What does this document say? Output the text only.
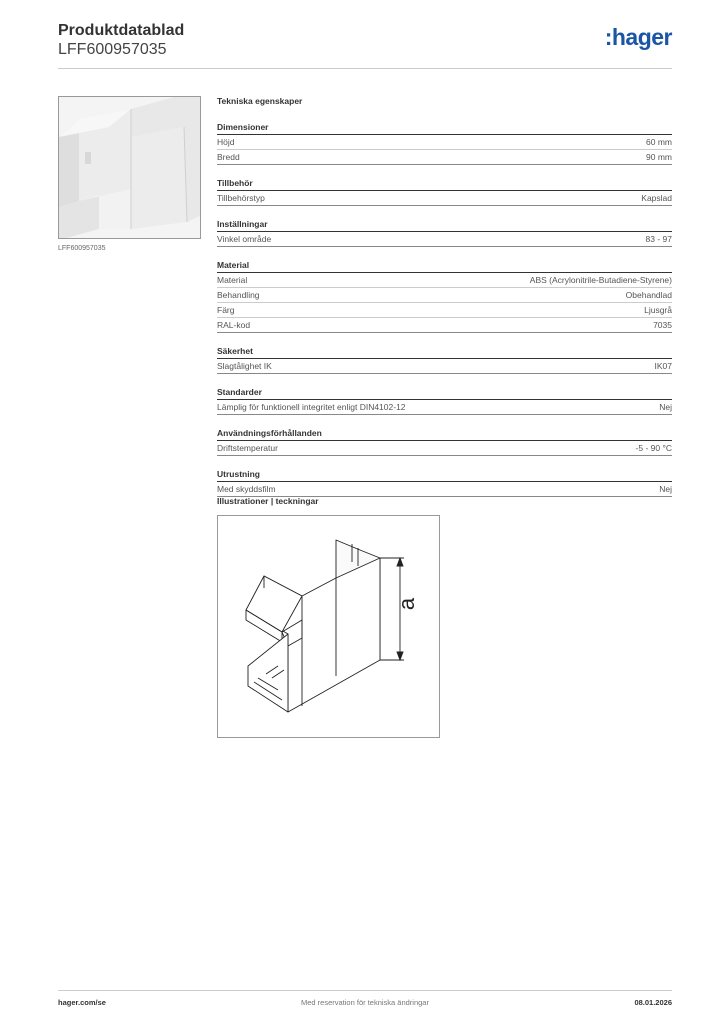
Produktdatablad
LFF600957035	:hager
LFF600957035
Tekniska egenskaper
Dimensioner
Höjd	60 mm
Bredd	90 mm
Tillbehör
Tillbehörstyp	Kapslad
Inställningar
Vinkel område	83 - 97
Material
Material	ABS (Acrylonitrile-Butadiene-Styrene)
Behandling	Obehandlad
Färg	Ljusgrå
RAL-kod	7035
Säkerhet
Slagtålighet IK	IK07
Standarder
Lämplig för funktionell integritet enligt DIN4102-12	Nej
Användningsförhållanden
Driftstemperatur	-5 - 90 °C
Utrustning
Med skyddsfilm	Nej
Illustrationer | teckningar
a
hager.com/se	Med reservation för tekniska ändringar	08.01.2026
